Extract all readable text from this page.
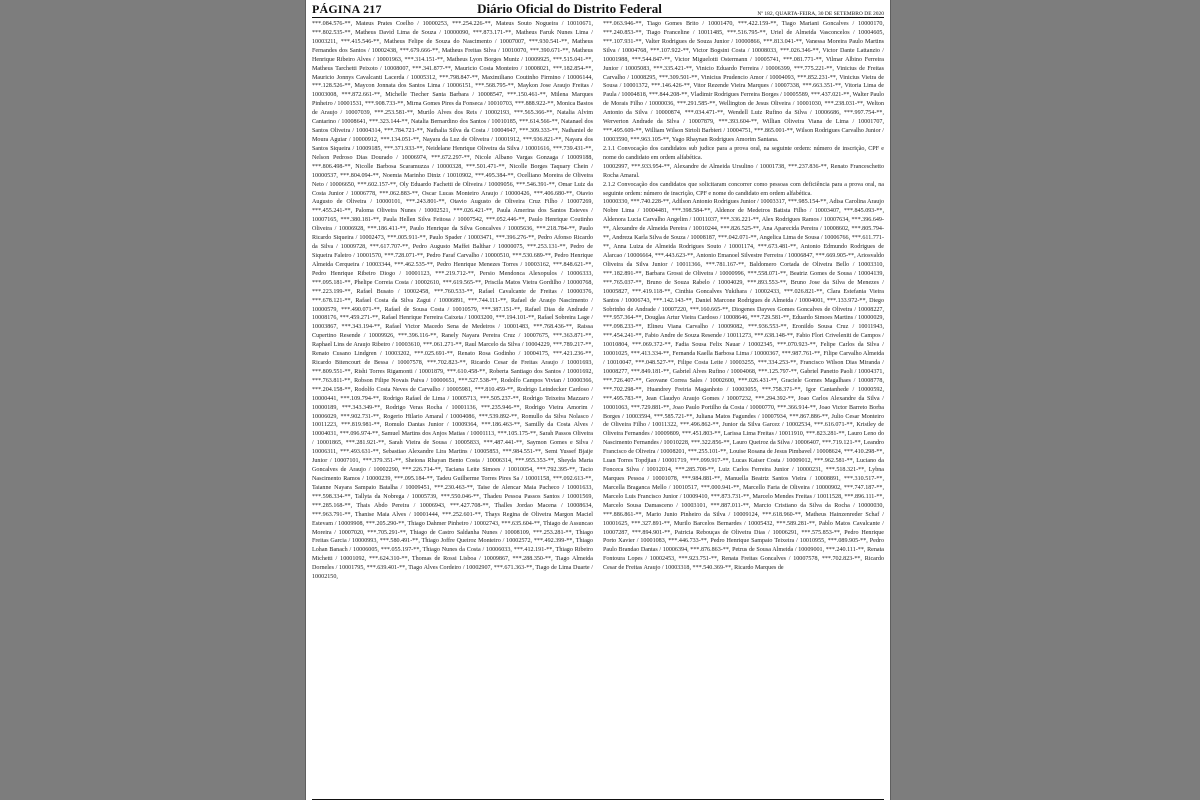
PÁGINA 217	Diário Oficial do Distrito Federal	Nº 182, QUARTA-FEIRA, 30 DE SETEMBRO DE 2020

***.084.576-**, Mateus Prates Coelho / 10000253, ***.254.226-**, Mateus Souto Nogueira / 10010671, ***.802.535-**, Matheus David Lima de Souza / 10000090, ***.873.171-**, Matheus Faruk Nunes Lima / 10003211, ***.415.546-**, Matheus Felipe de Souza do Nascimento / 10007007, ***.930.541-**, Matheus Fernandes dos Santos / 10002438, ***.679.666-**, Matheus Freitas Silva / 10010070, ***.390.671-**, Matheus Henrique Ribeiro Alves / 10001963, ***.314.151-**, Matheus Lyon Borges Muniz / 10009925, ***.515.041-**, Matheus Tarchetti Peixoto / 10008007, ***.341.877-**, Mauricio Costa Monteiro / 10008021, ***.182.854-**, Mauricio Jonnys Cavalcanti Lacerda / 10005312, ***.798.847-**, Maximiliano Coutinho Firmino / 10006144, ***.128.526-**, Maycon Jonnata dos Santos Lima / 10006151, ***.568.795-**, Maykon Jose Araujo Freitas / 10003008, ***.872.661-**, Michelle Tiecher Santa Barbara / 10008547, ***.150.461-**, Milena Marques Pinheiro / 10001531, ***.908.733-**, Mirna Gomes Pires da Fonseca / 10010703, ***.888.922-**, Monica Bastos de Araujo / 10007039, ***.253.581-**, Murilo Alves dos Reis / 10002193, ***.565.366-**, Natalia Alvim Cantarino / 10008641, ***.323.144-**, Natalia Bernardino dos Santos / 10010185, ***.614.566-**, Natanael dos Santos Oliveira / 10004314, ***.784.721-**, Nathalia Silva da Costa / 10004947, ***.309.333-**, Nathaniel de Moura Aguiar / 10000912, ***.134.051-**, Nayara da Luz de Oliveira / 10001912, ***.936.821-**, Nayara dos Santos Siqueira / 10009185, ***.371.933-**, Neidelane Henrique Oliveira da Silva / 10001616, ***.739.431-**, Nelson Pedroso Dias Dourado / 10006974, ***.672.297-**, Nicole Albano Vargas Gonzaga / 10009188, ***.806.498-**, Nicolle Barbosa Scaramuzza / 10000328, ***.501.471-**, Nicolle Borges Taquary Chein / 10000537, ***.804.094-**, Noemia Marinho Diniz / 10010902, ***.495.384-**, Ocelliano Moreira de Oliveira Neto / 10006650, ***.602.157-**, Oly Eduardo Fachetti de Oliveira / 10009056, ***.546.391-**, Omar Luiz da Costa Junior / 10006778, ***.062.883-**, Oscar Lucas Monteiro Araujo / 10000426, ***.406.680-**, Otavio Augusto de Oliveira / 10000101, ***.243.801-**, Otavio Augusto de Oliveira Cruz Filho / 10007269, ***.455.241-**, Paloma Oliveira Nunes / 10002521, ***.026.421-**, Paula Amerina dos Santos Esteves / 10007165, ***.380.181-**, Paula Hellen Silva Feitosa / 10007542, ***.052.446-**, Paulo Henrique Coutinho Oliveira / 10006928, ***.186.411-**, Paulo Henrique da Silva Goncalves / 10005636, ***.218.784-**, Paulo Ricardo Siqueira / 10002473, ***.005.911-**, Paulo Spader / 10003471, ***.396.276-**, Pedro Afonso Ricardo da Silva / 10009728, ***.617.707-**, Pedro Augusto Maffei Balthar / 10000075, ***.253.131-**, Pedro de Siqueira Faleiro / 10001570, ***.728.071-**, Pedro Faraf Carvalho / 10000510, ***.530.689-**, Pedro Henrique Almeida Cerqueira / 10003344, ***.462.535-**, Pedro Henrique Menezes Torres / 10003162, ***.848.621-**, Pedro Henrique Ribeiro Diogo / 10001123, ***.219.712-**, Persio Mendonca Alexopulos / 10006333, ***.095.181-**, Phelipe Correia Costa / 10002610, ***.619.565-**, Priscila Matos Vieira Gordilho / 10000768, ***.223.199-**, Rafael Busato / 10002458, ***.760.533-**, Rafael Cavalcante de Freitas / 10000376, ***.678.121-**, Rafael Costa da Silva Zagui / 10006891, ***.744.111-**, Rafael de Araujo Nascimento / 10000579, ***.490.071-**, Rafael de Sousa Costa / 10010579, ***.387.151-**, Rafael Dias de Andrade / 10008176, ***.459.271-**, Rafael Henrique Ferreira Caixeta / 10003200, ***.194.101-**, Rafael Sobreira Lage / 10003867, ***.343.194-**, Rafael Victor Macedo Sena de Medeiros / 10001483, ***.768.436-**, Raissa Cupertino Resende / 10009926, ***.396.116-**, Ranely Nayara Pereira Cruz / 10007675, ***.363.871-**, Raphael Lins de Araujo Ribeiro / 10003610, ***.061.271-**, Raul Marcelo da Silva / 10004229, ***.789.217-**, Renato Cusano Lindgren / 10003202, ***.025.691-**, Renato Rosa Godinho / 10004175, ***.421.236-**, Ricardo Bitencourt de Bessa / 10007578, ***.702.823-**, Ricardo Cesar de Freitas Araujo / 10001693, ***.809.551-**, Rishi Torres Rigamonti / 10001879, ***.610.458-**, Roberta Santiago dos Santos / 10001692, ***.763.811-**, Robson Filipe Novais Paiva / 10000651, ***.527.538-**, Rodolfo Campos Vivian / 10000366, ***.204.158-**, Rodolfo Costa Neves de Carvalho / 10005981, ***.810.459-**, Rodrigo Leindecker Cardoso / 10000441, ***.109.794-**, Rodrigo Rafael de Lima / 10005713, ***.505.237-**, Rodrigo Teixeira Mazzaro / 10000189, ***.343.349-**, Rodrigo Veras Rocha / 10001136, ***.235.946-**, Rodrigo Vieira Amorim / 10006029, ***.902.731-**, Rogerio Hilario Amaral / 10004086, ***.539.892-**, Romullo da Silva Nolasco / 10011223, ***.819.981-**, Romulo Dantas Junior / 10009364, ***.186.463-**, Samilly da Costa Alves / 10004031, ***.096.974-**, Samuel Martins dos Anjos Matias / 10001113, ***.105.175-**, Sarah Passos Oliveira / 10001865, ***.281.921-**, Sarah Vieira de Sousa / 10005833, ***.487.441-**, Saymon Gomes e Silva / 10006311, ***.493.631-**, Sebastiao Alexandre Lira Martins / 10005853, ***.984.551-**, Semi Yussef Bjaije Junior / 10007101, ***.379.351-**, Sheiona Rhayan Bento Costa / 10006314, ***.955.353-**, Sheyda Maria Goncalves de Araujo / 10002290, ***.226.714-**, Taciana Leite Simoes / 10010054, ***.792.395-**, Tacio Nascimento Ramos / 10000239, ***.095.184-**, Tadeu Guilherme Torres Pires Sa / 10001158, ***.092.613-**, Taianne Nayara Sampaio Batalha / 10009451, ***.230.463-**, Taise de Alencar Maia Pacheco / 10001633, ***.598.334-**, Tallyta da Nobrega / 10005739, ***.550.046-**, Thadeu Pessoa Passos Santos / 10001569, ***.285.168-**, Thais Abdo Pereira / 10006943, ***.427.708-**, Thalles Jordao Macena / 10008634, ***.963.791-**, Thanise Maia Alves / 10001444, ***.252.601-**, Thays Regina de Oliveira Margon Maciel Estevam / 10009908, ***.205.290-**, Thiago Dahmer Pinheiro / 10002743, ***.635.604-**, Thiago de Assuncao Moreira / 10007020, ***.705.291-**, Thiago de Castro Saldanha Nunes / 10008109, ***.253.281-**, Thiago Freitas Garcia / 10000993, ***.580.491-**, Thiago Joffre Queiroz Monteiro / 10002572, ***.492.399-**, Thiago Lohan Banach / 10006005, ***.055.197-**, Thiago Nunes da Costa / 10006033, ***.412.191-**, Thiago Ribeiro Michetti / 10001092, ***.624.310-**, Thomas de Rossi Lisboa / 10009867, ***.288.350-**, Tiago Almeida Dorneles / 10001795, ***.639.401-**, Tiago Alves Cordeiro / 10002907, ***.671.363-**, Tiago de Lima Duarte / 10002150,

***.063.946-**, Tiago Gomes Brito / 10001470, ***.422.159-**, Tiago Mariani Goncalves / 10000170, ***.240.853-**, Tiago Franceline / 10011485, ***.516.795-**, Uriel de Almeida Vasconcelos / 10004605, ***.107.931-**, Valter Rodrigues de Souza Junior / 10000866, ***.813.041-**, Vanessa Moreira Paulo Martins Silva / 10004768, ***.107.922-**, Victor Bogsini Costa / 10008033, ***.026.346-**, Victor Dante Lattanzio / 10001988, ***.544.847-**, Victor Miguelotti Ostermann / 10005741, ***.081.771-**, Vilmar Albino Ferreira Junior / 10005083, ***.335.421-**, Vinicio Eduardo Ferreira / 10006399, ***.775.221-**, Vinicius de Freitas Carvalho / 10008295, ***.309.501-**, Vinicius Prudencio Amor / 10004093, ***.852.231-**, Vinicius Vieira de Sousa / 10001372, ***.146.426-**, Vitor Rezende Vieira Marques / 10007338, ***.663.351-**, Vitoria Lima de Paula / 10004818, ***.844.208-**, Vladimir Rodrigues Ferreira Borges / 10005589, ***.437.021-**, Walter Paulo de Morais Filho / 10000036, ***.291.585-**, Wellington de Jesus Oliveira / 10001030, ***.238.031-**, Welton Antonio da Silva / 10000874, ***.034.471-**, Wendell Luiz Rufino da Silva / 10006686, ***.997.754-**, Werverton Andrade da Silva / 10007879, ***.393.604-**, Willian Oliveira Viana de Lima / 10001707, ***.495.609-**, William Wilson Sirtoli Barbieri / 10004751, ***.865.001-**, Wilson Rodrigues Carvalho Junior / 10003590, ***.963.105-**, Yago Rhaynan Rodrigues Amorim Santana.

2.1.1 Convocação dos candidatos sub judice para a prova oral, na seguinte ordem: número de inscrição, CPF e nome do candidato em ordem alfabética.

10002997, ***.933.954-**, Alexandre de Almeida Ursulino / 10001738, ***.237.836-**, Renato Franceschetto Rocha Amaral.

2.1.2 Convocação dos candidatos que solicitaram concorrer como pessoas com deficiência para a prova oral, na seguinte ordem: número de inscrição, CPF e nome do candidato em ordem alfabética.

10000330, ***.740.228-**, Adilson Antonio Rodrigues Junior / 10003317, ***.985.154-**, Adisa Carolina Araujo Nobre Lima / 10004481, ***.398.584-**, Aldenor de Medeiros Batista Filho / 10003407, ***.845.093-**, Aldenora Lucia Carvalho Angelim / 10011037, ***.336.221-**, Alex Rodrigues Ramos / 10007634, ***.396.649-**, Alexandre de Almeida Pereira / 10010244, ***.826.525-**, Ana Aparecida Pereira / 10008602, ***.805.794-**, Andreza Karla Silva de Souza / 10008187, ***.042.071-**, Angelica Lima de Sousa / 10006766, ***.611.771-**, Anna Luiza de Almeida Rodrigues Souto / 10001174, ***.673.481-**, Antonio Edmundo Rodrigues de Alarcao / 10006664, ***.443.623-**, Antonio Emanoel Silvestre Ferreira / 10006847, ***.669.905-**, Ariosvaldo Oliveira da Silva Junior / 10011366, ***.781.167-**, Baldomero Cortada de Oliveira Bello / 10003310, ***.182.891-**, Barbara Grossi de Oliveira / 10000996, ***.558.071-**, Beatriz Gomes de Sousa / 10004139, ***.765.037-**, Bruno de Souza Rabelo / 10004029, ***.893.553-**, Bruno Jose da Silva de Menezes / 10005827, ***.419.118-**, Cinthia Goncalves Yukihara / 10002433, ***.026.821-**, Clara Estefania Vieira Santos / 10006743, ***.142.143-**, Daniel Marcone Rodrigues de Almeida / 10004001, ***.133.972-**, Diego Sobrinho de Andrade / 10007220, ***.160.665-**, Diogenes Dayves Gomes Goncalves de Oliveira / 10008227, ***.957.364-**, Douglas Artur Vieira Cardoso / 10008646, ***.729.581-**, Eduardo Simoes Martins / 10000029, ***.098.233-**, Elineu Viana Carvalho / 10009082, ***.936.553-**, Eronildo Sousa Cruz / 10011943, ***.454.241-**, Fabio Andre de Souza Resende / 10011273, ***.638.148-**, Fabio Flori Criveleniti de Campos / 10010804, ***.069.372-**, Fadia Sousa Felix Nauar / 10002345, ***.070.923-**, Felipe Carlos da Silva / 10001025, ***.413.334-**, Fernanda Kaella Barbosa Lima / 10000367, ***.987.761-**, Filipe Carvalho Almeida / 10010047, ***.048.527-**, Filipe Costa Leite / 10003255, ***.334.253-**, Francisco Wilson Dias Miranda / 10008277, ***.849.181-**, Gabriel Alves Rufino / 10004068, ***.125.797-**, Gabriel Panetto Paoli / 10004371, ***.726.407-**, Geovane Correa Sales / 10002600, ***.026.431-**, Graciele Gomes Magalhaes / 10008778, ***.702.298-**, Huandrey Freiria Maganhoto / 10003055, ***.758.371-**, Igor Cantanhede / 10000592, ***.495.783-**, Jean Claudyo Araujo Gomes / 10007232, ***.294.392-**, Joao Carlos Alexandre da Silva / 10001063, ***.729.881-**, Joao Paulo Portilho da Costa / 10000770, ***.366.914-**, Joao Victor Barreto Borba Borges / 10003594, ***.585.721-**, Juliana Matos Fagundes / 10007934, ***.867.886-**, Julio Cesar Monteiro de Oliveira Filho / 10011322, ***.496.862-**, Junior da Silva Garcez / 10002534, ***.616.071-**, Kristley de Oliveira Fernandes / 10009809, ***.451.803-**, Larissa Lima Freitas / 10011910, ***.823.281-**, Lauro Leno do Nascimento Fernandes / 10010228, ***.322.856-**, Lauro Queiroz da Silva / 10006407, ***.719.121-**, Leandro Francisco de Oliveira / 10008201, ***.255.101-**, Louise Rosana de Jesus Pimbavel / 10008624, ***.410.298-**, Luan Torres Topdjian / 10001719, ***.099.917-**, Lucas Kaiser Costa / 10009012, ***.962.581-**, Luciano da Fonceca Silva / 10012014, ***.285.708-**, Luiz Carlos Ferreira Junior / 10000231, ***.518.321-**, Lybna Marques Pessoa / 10001078, ***.984.881-**, Manuella Beatriz Santos Vieira / 10008891, ***.310.517-**, Marcella Braganca Mello / 10010517, ***.000.941-**, Marcello Faria de Oliveira / 10000902, ***.747.187-**, Marcelo Luis Francisco Junior / 10009410, ***.873.731-**, Marcelo Mendes Freitas / 10011528, ***.896.111-**, Marcelo Sousa Damasceno / 10003101, ***.887.011-**, Marcio Cristiano da Silva da Rocha / 10000030, ***.886.861-**, Mario Junio Pinheiro da Silva / 10009124, ***.618.960-**, Matheus Hainzenreder Schaf / 10001625, ***.327.891-**, Murilo Barcelos Bernardes / 10005432, ***.589.281-**, Pablo Matos Cavalcante / 10007287, ***.894.901-**, Patricia Rebouças de Oliveira Dias / 10006291, ***.575.853-**, Pedro Henrique Porto Xavier / 10001083, ***.446.733-**, Pedro Henrique Sampaio Teixeira / 10010955, ***.089.905-**, Pedro Paulo Brandao Dantas / 10006394, ***.876.863-**, Petrus de Sousa Almeida / 10009001, ***.240.111-**, Renata Fontoura Lopes / 10002453, ***.923.751-**, Renata Freitas Goncalves / 10007578, ***.702.823-**, Ricardo Cesar de Freitas Araujo / 10003318, ***.540.369-**, Ricardo Marques de
